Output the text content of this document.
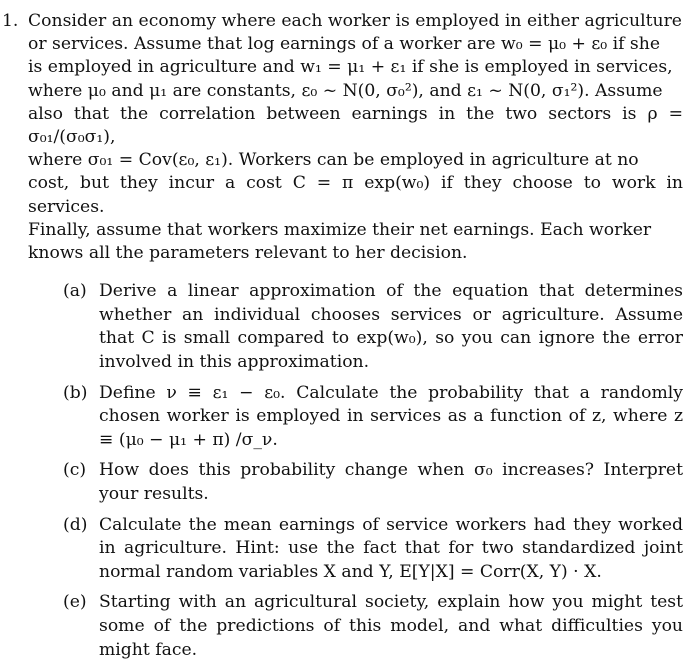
1. Consider an economy where each worker is employed in either agriculture
or services. Assume that log earnings of a worker are w₀ = μ₀ + ε₀ if she
is employed in agriculture and w₁ = μ₁ + ε₁ if she is employed in services,
where μ₀ and μ₁ are constants, ε₀ ~ N(0, σ₀²), and ε₁ ~ N(0, σ₁²). Assume
also that the correlation between earnings in the two sectors is ρ = σ₀₁/(σ₀σ₁),
where σ₀₁ = Cov(ε₀, ε₁). Workers can be employed in agriculture at no
cost, but they incur a cost C = π exp(w₀) if they choose to work in services.
Finally, assume that workers maximize their net earnings. Each worker
knows all the parameters relevant to her decision.
(a) Derive a linear approximation of the equation that determines whether an individual chooses services or agriculture. Assume that C is small compared to exp(w₀), so you can ignore the error involved in this approximation.

(b) Define ν ≡ ε₁ − ε₀. Calculate the probability that a randomly chosen worker is employed in services as a function of z, where z ≡ (μ₀ − μ₁ + π) /σ_ν.

(c) How does this probability change when σ₀ increases? Interpret your results.

(d) Calculate the mean earnings of service workers had they worked in agriculture. Hint: use the fact that for two standardized joint normal random variables X and Y, E[Y|X] = Corr(X, Y) · X.

(e) Starting with an agricultural society, explain how you might test some of the predictions of this model, and what difficulties you might face.
